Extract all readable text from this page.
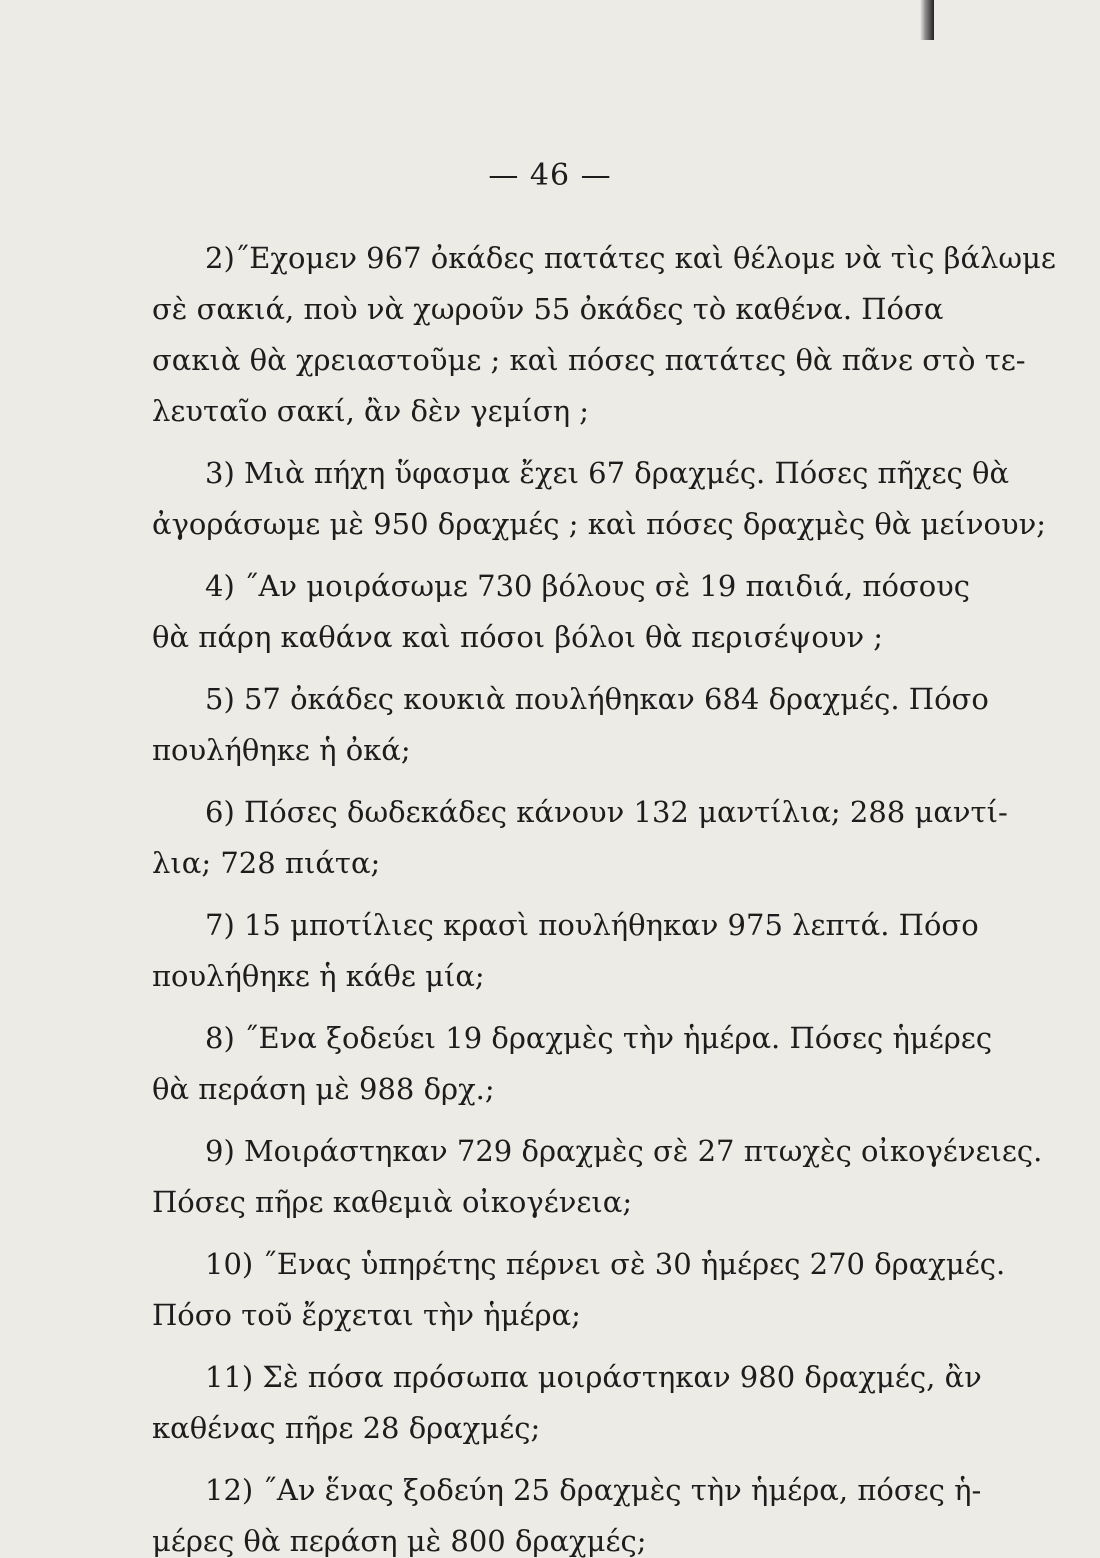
— 46 —
2)˝Εχομεν 967 ὀκάδες πατάτες καὶ θέλομε νὰ τὶς βάλωμε
σὲ σακιά, ποὺ νὰ χωροῦν 55 ὀκάδες τὸ καθένα. Πόσα
σακιὰ θὰ χρειαστοῦμε ; καὶ πόσες πατάτες θὰ πᾶνε στὸ τε-
λευταῖο σακί, ἂν δὲν γεμίση ;
3) Μιὰ πήχη ὕφασμα ἔχει 67 δραχμές. Πόσες πῆχες θὰ
ἀγοράσωμε μὲ 950 δραχμές ; καὶ πόσες δραχμὲς θὰ μείνουν;
4) ˝Αν μοιράσωμε 730 βόλους σὲ 19 παιδιά, πόσους
θὰ πάρη καθάνα καὶ πόσοι βόλοι θὰ περισέψουν ;
5) 57 ὀκάδες κουκιὰ πουλήθηκαν 684 δραχμές. Πόσο
πουλήθηκε ἡ ὀκά;
6) Πόσες δωδεκάδες κάνουν 132 μαντίλια; 288 μαντί-
λια; 728 πιάτα;
7) 15 μποτίλιες κρασὶ πουλήθηκαν 975 λεπτά. Πόσο
πουλήθηκε ἡ κάθε μία;
8) ˝Ενα ξοδεύει 19 δραχμὲς τὴν ἡμέρα. Πόσες ἡμέρες
θὰ περάση μὲ 988 δρχ.;
9) Μοιράστηκαν 729 δραχμὲς σὲ 27 πτωχὲς οἰκογένειες.
Πόσες πῆρε καθεμιὰ οἰκογένεια;
10) ˝Ενας ὑπηρέτης πέρνει σὲ 30 ἡμέρες 270 δραχμές.
Πόσο τοῦ ἔρχεται τὴν ἡμέρα;
11) Σὲ πόσα πρόσωπα μοιράστηκαν 980 δραχμές, ἂν
καθένας πῆρε 28 δραχμές;
12) ˝Αν ἕνας ξοδεύη 25 δραχμὲς τὴν ἡμέρα, πόσες ἡ-
μέρες θὰ περάση μὲ 800 δραχμές;
